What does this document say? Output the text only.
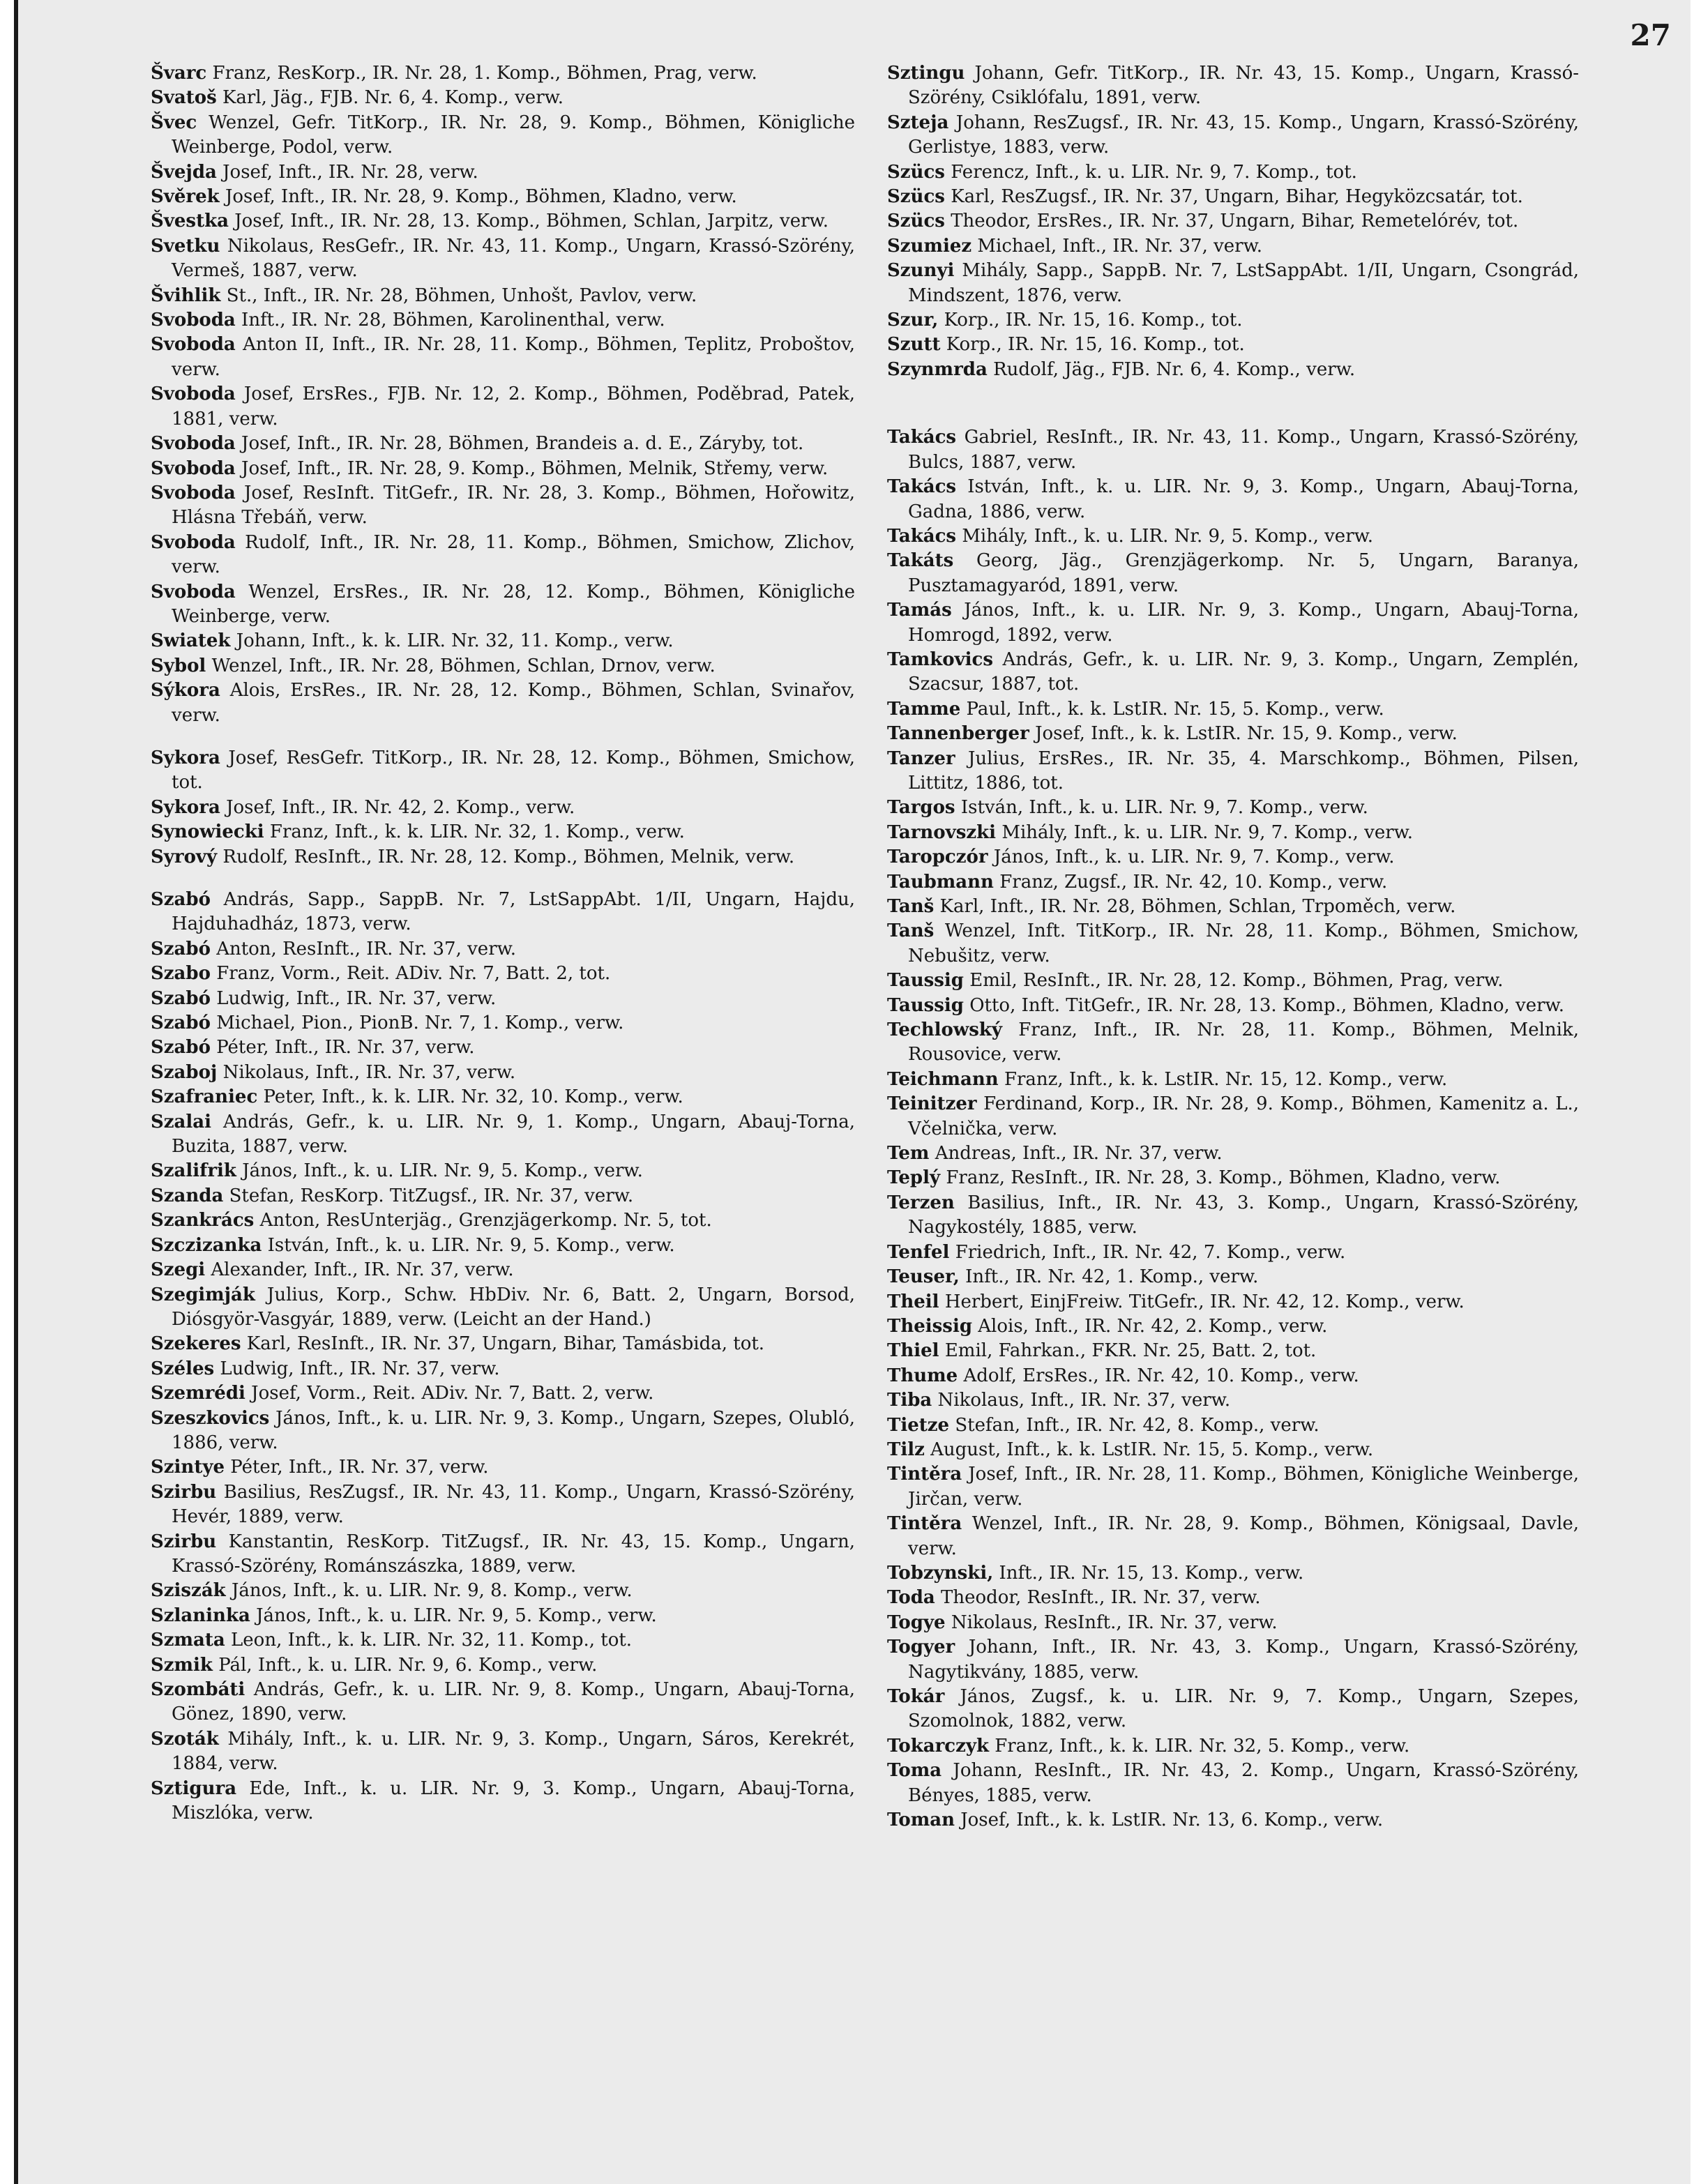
27

Švarc Franz, ResKorp., IR. Nr. 28, 1. Komp., Böhmen, Prag, verw.

Svatoš Karl, Jäg., FJB. Nr. 6, 4. Komp., verw.

Švec Wenzel, Gefr. TitKorp., IR. Nr. 28, 9. Komp., Böhmen, Königliche Weinberge, Podol, verw.

Švejda Josef, Inft., IR. Nr. 28, verw.

Svěrek Josef, Inft., IR. Nr. 28, 9. Komp., Böhmen, Kladno, verw.

Švestka Josef, Inft., IR. Nr. 28, 13. Komp., Böhmen, Schlan, Jarpitz, verw.

Svetku Nikolaus, ResGefr., IR. Nr. 43, 11. Komp., Ungarn, Krassó-Szörény, Vermeš, 1887, verw.

Švihlik St., Inft., IR. Nr. 28, Böhmen, Unhošt, Pavlov, verw.

Svoboda Inft., IR. Nr. 28, Böhmen, Karolinenthal, verw.

Svoboda Anton II, Inft., IR. Nr. 28, 11. Komp., Böhmen, Teplitz, Probоštov, verw.

Svoboda Josef, ErsRes., FJB. Nr. 12, 2. Komp., Böhmen, Poděbrad, Patek, 1881, verw.

Svoboda Josef, Inft., IR. Nr. 28, Böhmen, Brandeis a. d. E., Záryby, tot.

Svoboda Josef, Inft., IR. Nr. 28, 9. Komp., Böhmen, Melnik, Střemy, verw.

Svoboda Josef, ResInft. TitGefr., IR. Nr. 28, 3. Komp., Böhmen, Hořowitz, Hlásna Třebáň, verw.

Svoboda Rudolf, Inft., IR. Nr. 28, 11. Komp., Böhmen, Smichow, Zlichov, verw.

Svoboda Wenzel, ErsRes., IR. Nr. 28, 12. Komp., Böhmen, Königliche Weinberge, verw.

Swiatek Johann, Inft., k. k. LIR. Nr. 32, 11. Komp., verw.

Sybol Wenzel, Inft., IR. Nr. 28, Böhmen, Schlan, Drnov, verw.

Sýkora Alois, ErsRes., IR. Nr. 28, 12. Komp., Böhmen, Schlan, Svinařov, verw.

Sykora Josef, ResGefr. TitKorp., IR. Nr. 28, 12. Komp., Böhmen, Smichow, tot.

Sykora Josef, Inft., IR. Nr. 42, 2. Komp., verw.

Synowiecki Franz, Inft., k. k. LIR. Nr. 32, 1. Komp., verw.

Syrový Rudolf, ResInft., IR. Nr. 28, 12. Komp., Böhmen, Melnik, verw.

Szabó András, Sapp., SappB. Nr. 7, LstSappAbt. 1/II, Ungarn, Hajdu, Hajduhadház, 1873, verw.

Szabó Anton, ResInft., IR. Nr. 37, verw.

Szabo Franz, Vorm., Reit. ADiv. Nr. 7, Batt. 2, tot.

Szabó Ludwig, Inft., IR. Nr. 37, verw.

Szabó Michael, Pion., PionB. Nr. 7, 1. Komp., verw.

Szabó Péter, Inft., IR. Nr. 37, verw.

Szabој Nikolaus, Inft., IR. Nr. 37, verw.

Szafraniec Peter, Inft., k. k. LIR. Nr. 32, 10. Komp., verw.

Szalai András, Gefr., k. u. LIR. Nr. 9, 1. Komp., Ungarn, Abauj-Torna, Buzita, 1887, verw.

Szalifrik János, Inft., k. u. LIR. Nr. 9, 5. Komp., verw.

Szanda Stefan, ResKorp. TitZugsf., IR. Nr. 37, verw.

Szankrács Anton, ResUnterjäg., Grenzjägerkomp. Nr. 5, tot.

Szczizanka István, Inft., k. u. LIR. Nr. 9, 5. Komp., verw.

Szegi Alexander, Inft., IR. Nr. 37, verw.

Szegimják Julius, Korp., Schw. HbDiv. Nr. 6, Batt. 2, Ungarn, Borsod, Diósgyör-Vasgyár, 1889, verw. (Leicht an der Hand.)

Szekeres Karl, ResInft., IR. Nr. 37, Ungarn, Bihar, Tamásbida, tot.

Széles Ludwig, Inft., IR. Nr. 37, verw.

Szemrédi Josef, Vorm., Reit. ADiv. Nr. 7, Batt. 2, verw.

Szeszkovics János, Inft., k. u. LIR. Nr. 9, 3. Komp., Ungarn, Szepes, Olubló, 1886, verw.

Szintye Péter, Inft., IR. Nr. 37, verw.

Szirbu Basilius, ResZugsf., IR. Nr. 43, 11. Komp., Ungarn, Krassó-Szörény, Hevér, 1889, verw.

Szirbu Kanstantin, ResKorp. TitZugsf., IR. Nr. 43, 15. Komp., Ungarn, Krassó-Szörény, Románszászka, 1889, verw.

Sziszák János, Inft., k. u. LIR. Nr. 9, 8. Komp., verw.

Szlaninka János, Inft., k. u. LIR. Nr. 9, 5. Komp., verw.

Szmata Leon, Inft., k. k. LIR. Nr. 32, 11. Komp., tot.

Szmik Pál, Inft., k. u. LIR. Nr. 9, 6. Komp., verw.

Szombáti András, Gefr., k. u. LIR. Nr. 9, 8. Komp., Ungarn, Abauj-Torna, Gönez, 1890, verw.

Szoták Mihály, Inft., k. u. LIR. Nr. 9, 3. Komp., Ungarn, Sáros, Kerekrét, 1884, verw.

Sztigura Ede, Inft., k. u. LIR. Nr. 9, 3. Komp., Ungarn, Abauj-Torna, Miszlóka, verw.

Sztingu Johann, Gefr. TitKorp., IR. Nr. 43, 15. Komp., Ungarn, Krassó-Szörény, Csiklófalu, 1891, verw.

Szteja Johann, ResZugsf., IR. Nr. 43, 15. Komp., Ungarn, Krassó-Szörény, Gerlistye, 1883, verw.

Szücs Ferencz, Inft., k. u. LIR. Nr. 9, 7. Komp., tot.

Szücs Karl, ResZugsf., IR. Nr. 37, Ungarn, Bihar, Hegyközcsatár, tot.

Szücs Theodor, ErsRes., IR. Nr. 37, Ungarn, Bihar, Remetelórév, tot.

Szumiez Michael, Inft., IR. Nr. 37, verw.

Szunyi Mihály, Sapp., SappB. Nr. 7, LstSappAbt. 1/II, Ungarn, Csongrád, Mindszent, 1876, verw.

Szur, Korp., IR. Nr. 15, 16. Komp., tot.

Szutt Korp., IR. Nr. 15, 16. Komp., tot.

Szynmrda Rudolf, Jäg., FJB. Nr. 6, 4. Komp., verw.

Takács Gabriel, ResInft., IR. Nr. 43, 11. Komp., Ungarn, Krassó-Szörény, Bulcs, 1887, verw.

Takács István, Inft., k. u. LIR. Nr. 9, 3. Komp., Ungarn, Abauj-Torna, Gadna, 1886, verw.

Takács Mihály, Inft., k. u. LIR. Nr. 9, 5. Komp., verw.

Takáts Georg, Jäg., Grenzjägerkomp. Nr. 5, Ungarn, Baranya, Pusztamagyaród, 1891, verw.

Tamás János, Inft., k. u. LIR. Nr. 9, 3. Komp., Ungarn, Abauj-Torna, Homrogd, 1892, verw.

Tamkovics András, Gefr., k. u. LIR. Nr. 9, 3. Komp., Ungarn, Zemplén, Szacsur, 1887, tot.

Tamme Paul, Inft., k. k. LstIR. Nr. 15, 5. Komp., verw.

Tannenberger Josef, Inft., k. k. LstIR. Nr. 15, 9. Komp., verw.

Tanzer Julius, ErsRes., IR. Nr. 35, 4. Marschkomp., Böhmen, Pilsen, Littitz, 1886, tot.

Targos István, Inft., k. u. LIR. Nr. 9, 7. Komp., verw.

Tarnovszki Mihály, Inft., k. u. LIR. Nr. 9, 7. Komp., verw.

Taropczór János, Inft., k. u. LIR. Nr. 9, 7. Komp., verw.

Taubmann Franz, Zugsf., IR. Nr. 42, 10. Komp., verw.

Tanš Karl, Inft., IR. Nr. 28, Böhmen, Schlan, Trpoměch, verw.

Tanš Wenzel, Inft. TitKorp., IR. Nr. 28, 11. Komp., Böhmen, Smichow, Nebušitz, verw.

Taussig Emil, ResInft., IR. Nr. 28, 12. Komp., Böhmen, Prag, verw.

Taussig Otto, Inft. TitGefr., IR. Nr. 28, 13. Komp., Böhmen, Kladno, verw.

Techlowský Franz, Inft., IR. Nr. 28, 11. Komp., Böhmen, Melnik, Rousovice, verw.

Teichmann Franz, Inft., k. k. LstIR. Nr. 15, 12. Komp., verw.

Teinitzer Ferdinand, Korp., IR. Nr. 28, 9. Komp., Böhmen, Kamenitz a. L., Včelnička, verw.

Tem Andreas, Inft., IR. Nr. 37, verw.

Teplý Franz, ResInft., IR. Nr. 28, 3. Komp., Böhmen, Kladno, verw.

Terzen Basilius, Inft., IR. Nr. 43, 3. Komp., Ungarn, Krassó-Szörény, Nagykostély, 1885, verw.

Tenfel Friedrich, Inft., IR. Nr. 42, 7. Komp., verw.

Teuser, Inft., IR. Nr. 42, 1. Komp., verw.

Theil Herbert, EinjFreiw. TitGefr., IR. Nr. 42, 12. Komp., verw.

Theissig Alois, Inft., IR. Nr. 42, 2. Komp., verw.

Thiel Emil, Fahrkan., FKR. Nr. 25, Batt. 2, tot.

Thume Adolf, ErsRes., IR. Nr. 42, 10. Komp., verw.

Tiba Nikolaus, Inft., IR. Nr. 37, verw.

Tietze Stefan, Inft., IR. Nr. 42, 8. Komp., verw.

Tilz August, Inft., k. k. LstIR. Nr. 15, 5. Komp., verw.

Tintěra Josef, Inft., IR. Nr. 28, 11. Komp., Böhmen, Königliche Weinberge, Jirčan, verw.

Tintěra Wenzel, Inft., IR. Nr. 28, 9. Komp., Böhmen, Königsaal, Davle, verw.

Tobzynski, Inft., IR. Nr. 15, 13. Komp., verw.

Toda Theodor, ResInft., IR. Nr. 37, verw.

Togye Nikolaus, ResInft., IR. Nr. 37, verw.

Togyer Johann, Inft., IR. Nr. 43, 3. Komp., Ungarn, Krassó-Szörény, Nagytikvány, 1885, verw.

Tokár János, Zugsf., k. u. LIR. Nr. 9, 7. Komp., Ungarn, Szepes, Szomolnok, 1882, verw.

Tokarczyk Franz, Inft., k. k. LIR. Nr. 32, 5. Komp., verw.

Toma Johann, ResInft., IR. Nr. 43, 2. Komp., Ungarn, Krassó-Szörény, Bényes, 1885, verw.

Toman Josef, Inft., k. k. LstIR. Nr. 13, 6. Komp., verw.
